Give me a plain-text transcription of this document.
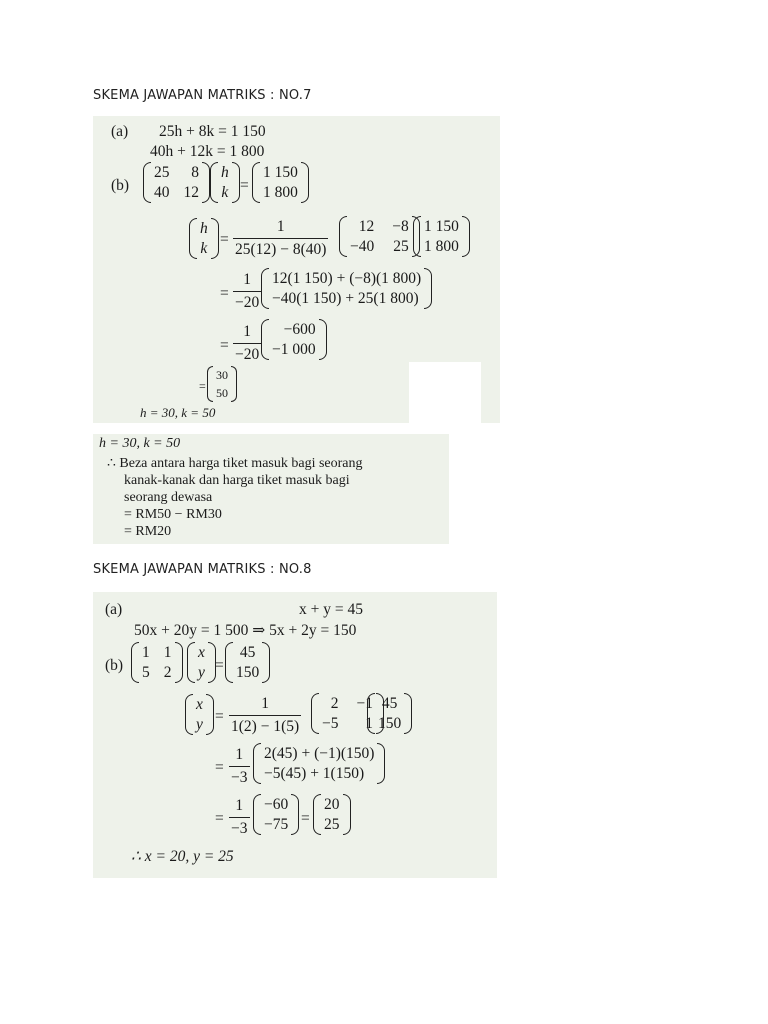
SKEMA JAWAPAN MATRIKS : NO.7
(a) 25h + 8k = 1 150
40h + 12k = 1 800
(b)
25	8
40 12
h
k =
1 150
1 800
h
k =
1
25(12) − 8(40)
12 −8
−40 25
1 150
1 800
=
1
−20
12(1 150) + (−8)(1 800)
−40(1 150) + 25(1 800)
=
1
−20
−600
−1 000
=
30
50
h = 30, k = 50
h = 30, k = 50
∴ Beza antara harga tiket masuk bagi seorang
kanak-kanak dan harga tiket masuk bagi
seorang dewasa
= RM50 − RM30
= RM20
SKEMA JAWAPAN MATRIKS : NO.8
(a)	x + y = 45
50x + 20y = 1 500 ⇒ 5x + 2y = 150
(b)
1 1
5 2
x
y =
45
150
x
y =
1
1(2) − 1(5)
2 −1
−5	1
45
150
=
1
−3
2(45) + (−1)(150)
−5(45) + 1(150)
=
1
−3
−60
−75 =
20
25
∴ x = 20, y = 25
